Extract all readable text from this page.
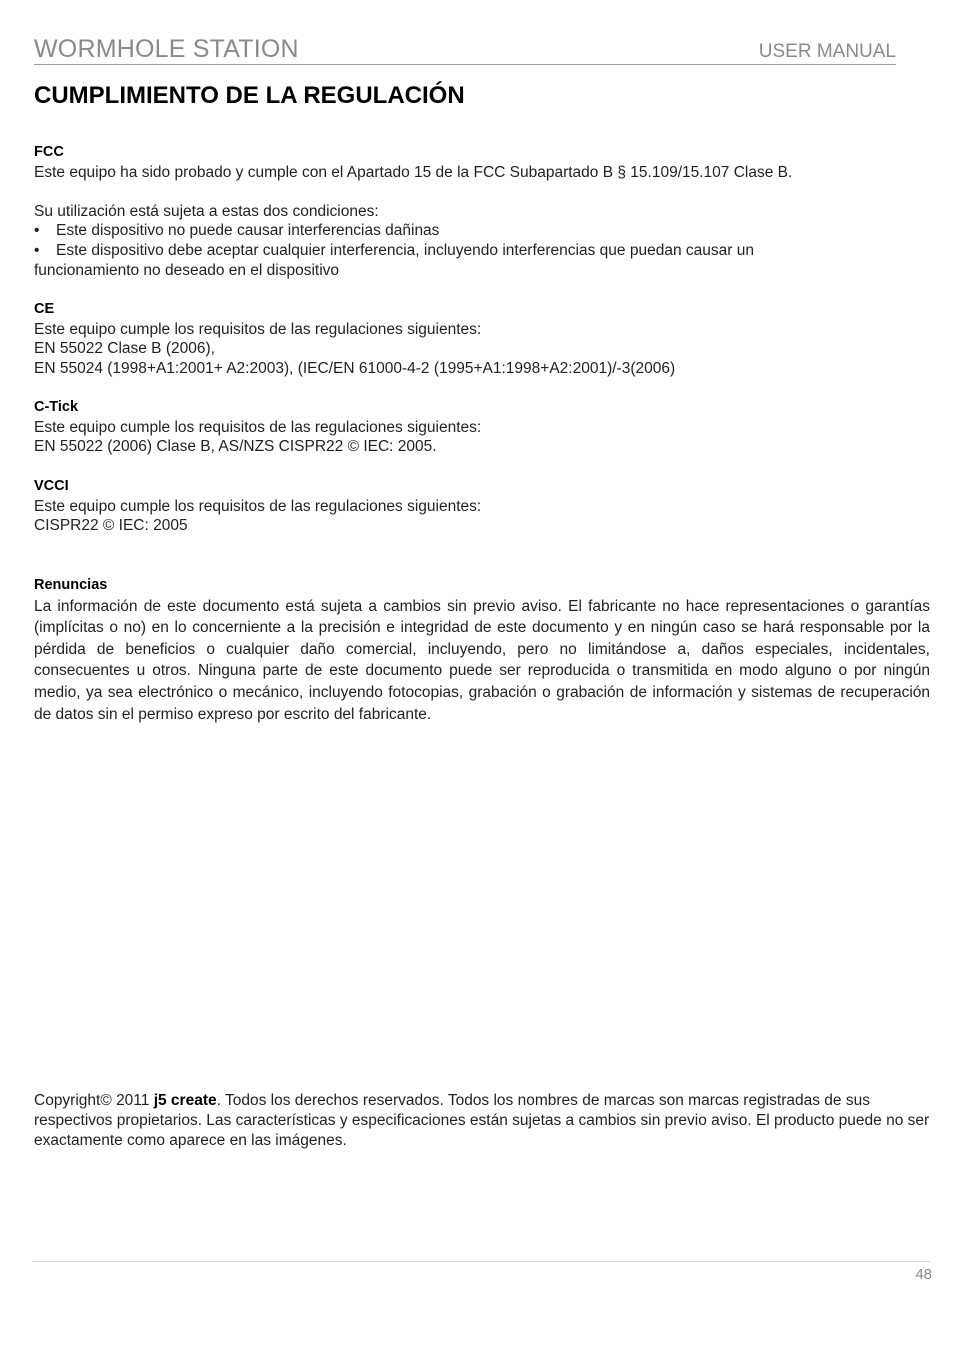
WORMHOLE STATION	USER MANUAL
CUMPLIMIENTO DE LA REGULACIÓN
FCC
Este equipo ha sido probado y cumple con el Apartado 15 de la FCC Subapartado B § 15.109/15.107 Clase B.
Su utilización está sujeta a estas dos condiciones:
• Este dispositivo no puede causar interferencias dañinas
• Este dispositivo debe aceptar cualquier interferencia, incluyendo interferencias que puedan causar un
funcionamiento no deseado en el dispositivo
CE
Este equipo cumple los requisitos de las regulaciones siguientes:
EN 55022 Clase B (2006),
EN 55024 (1998+A1:2001+ A2:2003), (IEC/EN 61000-4-2 (1995+A1:1998+A2:2001)/-3(2006)
C-Tick
Este equipo cumple los requisitos de las regulaciones siguientes:
EN 55022 (2006) Clase B, AS/NZS CISPR22 © IEC: 2005.
VCCI
Este equipo cumple los requisitos de las regulaciones siguientes:
CISPR22 © IEC: 2005
Renuncias
La información de este documento está sujeta a cambios sin previo aviso. El fabricante no hace representaciones o garantías (implícitas o no) en lo concerniente a la precisión e integridad de este documento y en ningún caso se hará responsable por la pérdida de beneficios o cualquier daño comercial, incluyendo, pero no limitándose a, daños especiales, incidentales, consecuentes u otros. Ninguna parte de este documento puede ser reproducida o transmitida en modo alguno o por ningún medio, ya sea electrónico o mecánico, incluyendo fotocopias, grabación o grabación de información y sistemas de recuperación de datos sin el permiso expreso por escrito del fabricante.
Copyright© 2011 j5 create. Todos los derechos reservados. Todos los nombres de marcas son marcas registradas de sus respectivos propietarios. Las características y especificaciones están sujetas a cambios sin previo aviso. El producto puede no ser exactamente como aparece en las imágenes.
48
